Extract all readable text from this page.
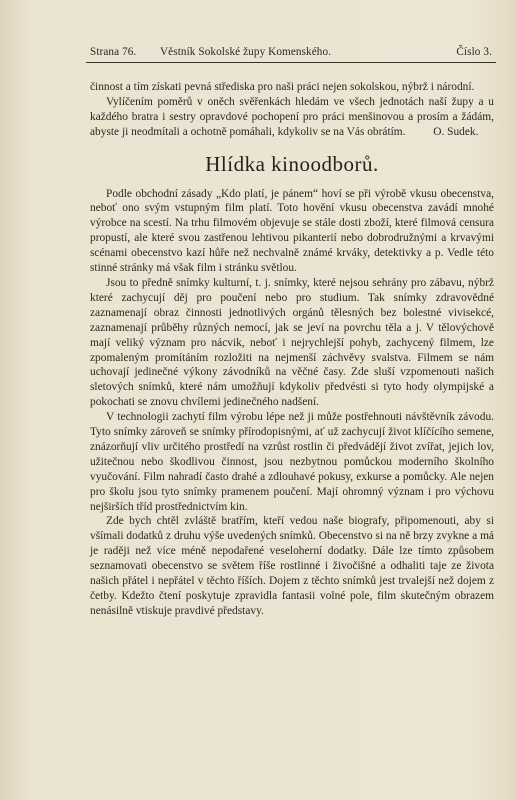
Strana 76. Věstník Sokolské župy Komenského.	Číslo 3.

činnost a tím získati pevná střediska pro naši práci nejen sokolskou, nýbrž i národní.

Vylíčením poměrů v oněch svěřenkách hledám ve všech jednotách naší župy a u každého bratra i sestry opravdové pochopení pro práci menšinovou a prosím a žádám, abyste ji neodmítali a ochotně pomáhali, kdykoliv se na Vás obrátím. O. Sudek.

Hlídka kinoodborů.

Podle obchodní zásady „Kdo platí, je pánem“ hoví se při výrobě vkusu obecenstva, neboť ono svým vstupným film platí. Toto hovění vkusu obecenstva zavádí mnohé výrobce na scestí. Na trhu filmovém objevuje se stále dosti zboží, které filmová censura propustí, ale které svou zastřenou lehtivou pikanterií nebo dobrodružnými a krvavými scénami obecenstvo kazí hůře než nechvalně známé krváky, detektivky a p. Vedle této stinné stránky má však film i stránku světlou.

Jsou to předně snímky kulturní, t. j. snímky, které nejsou sehrány pro zábavu, nýbrž které zachycují děj pro poučení nebo pro studium. Tak snímky zdravovědné zaznamenají obraz činnosti jednotlivých orgánů tělesných bez bolestné vivisekcé, zaznamenají průběhy různých nemocí, jak se jeví na povrchu těla a j. V tělovýchově mají veliký význam pro nácvik, neboť i nejrychlejší pohyb, zachycený filmem, lze zpomaleným promítáním rozložiti na nejmenší záchvěvy svalstva. Filmem se nám uchovají jedinečné výkony závodníků na věčné časy. Zde sluší vzpomenouti našich sletových snímků, které nám umožňují kdykoliv předvésti si tyto hody olympijské a pokochati se znovu chvílemi jedinečného nadšení.

V technologii zachytí film výrobu lépe než ji může postřehnouti návštěvník závodu. Tyto snímky zároveň se snímky přírodopisnými, ať už zachycují život klíčícího semene, znázorňují vliv určitého prostředí na vzrůst rostlin či předvádějí život zvířat, jejich lov, užitečnou nebo škodlivou činnost, jsou nezbytnou pomůckou moderního školního vyučování. Film nahradí často drahé a zdlouhavé pokusy, exkurse a pomůcky. Ale nejen pro školu jsou tyto snímky pramenem poučení. Mají ohromný význam i pro výchovu nejširších tříd prostřednictvím kin.

Zde bych chtěl zvláště bratřím, kteří vedou naše biografy, připomenouti, aby si všímali dodatků z druhu výše uvedených snímků. Obecenstvo si na ně brzy zvykne a má je raději než více méně nepodařené veseloherní dodatky. Dále lze tímto způsobem seznamovati obecenstvo se světem říše rostlinné i živočišné a odhaliti taje ze života našich přátel i nepřátel v těchto říších. Dojem z těchto snímků jest trvalejší než dojem z četby. Kdežto čtení poskytuje zpravidla fantasii volné pole, film skutečným obrazem nenásilně vtiskuje pravdivé představy.
